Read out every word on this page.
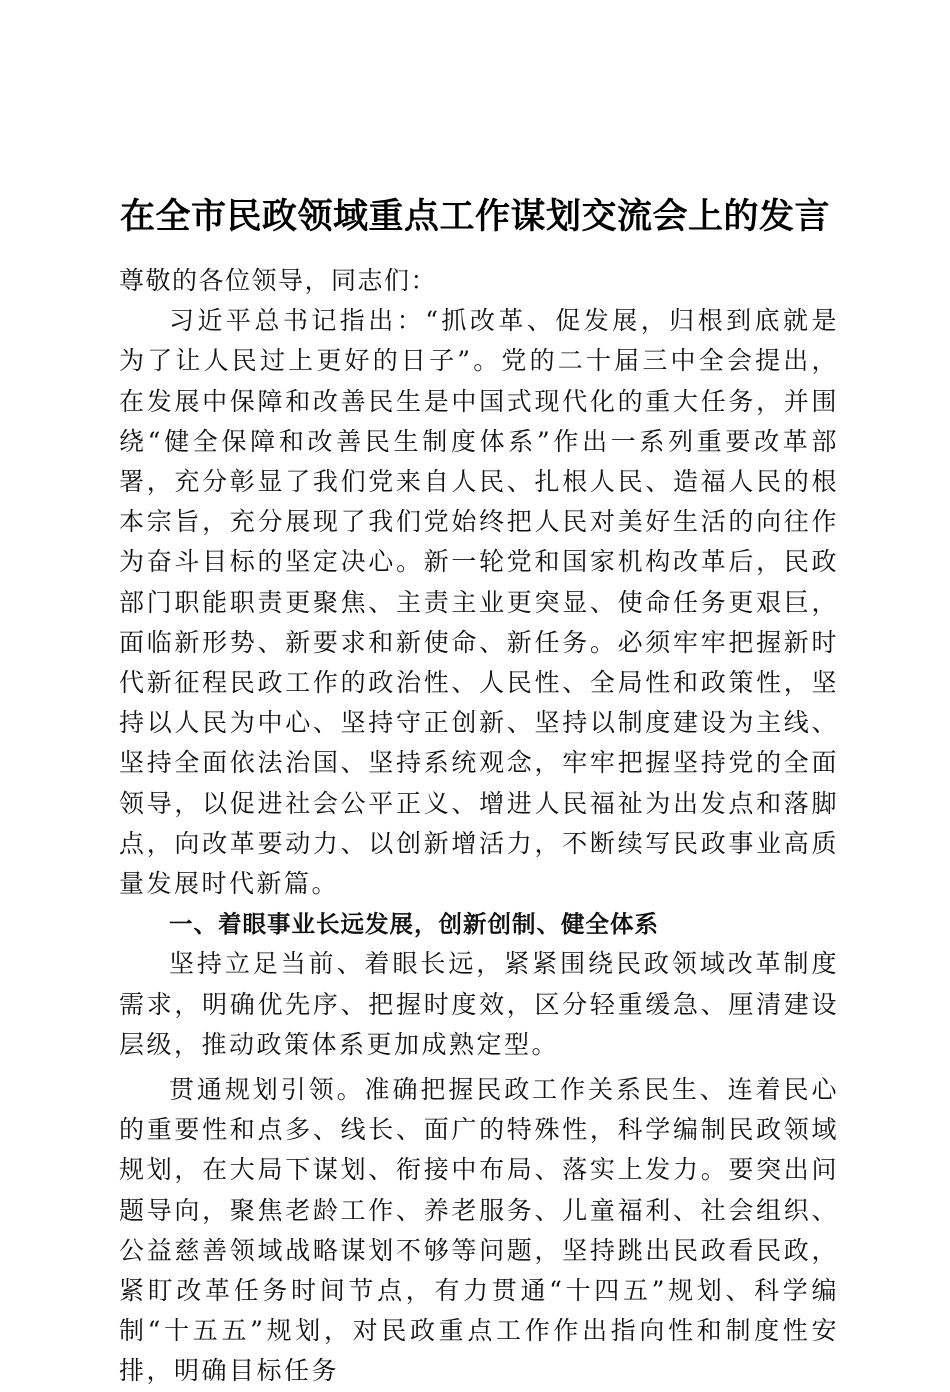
在全市民政领域重点工作谋划交流会上的发言

尊敬的各位领导，同志们：

习近平总书记指出：“抓改革、促发展，归根到底就是为了让人民过上更好的日子”。党的二十届三中全会提出，在发展中保障和改善民生是中国式现代化的重大任务，并围绕“健全保障和改善民生制度体系”作出一系列重要改革部署，充分彰显了我们党来自人民、扎根人民、造福人民的根本宗旨，充分展现了我们党始终把人民对美好生活的向往作为奋斗目标的坚定决心。新一轮党和国家机构改革后，民政部门职能职责更聚焦、主责主业更突显、使命任务更艰巨，面临新形势、新要求和新使命、新任务。必须牢牢把握新时代新征程民政工作的政治性、人民性、全局性和政策性，坚持以人民为中心、坚持守正创新、坚持以制度建设为主线、坚持全面依法治国、坚持系统观念，牢牢把握坚持党的全面领导，以促进社会公平正义、增进人民福祉为出发点和落脚点，向改革要动力、以创新增活力，不断续写民政事业高质量发展时代新篇。

一、着眼事业长远发展，创新创制、健全体系

坚持立足当前、着眼长远，紧紧围绕民政领域改革制度需求，明确优先序、把握时度效，区分轻重缓急、厘清建设层级，推动政策体系更加成熟定型。

贯通规划引领。准确把握民政工作关系民生、连着民心的重要性和点多、线长、面广的特殊性，科学编制民政领域规划，在大局下谋划、衔接中布局、落实上发力。要突出问题导向，聚焦老龄工作、养老服务、儿童福利、社会组织、公益慈善领域战略谋划不够等问题，坚持跳出民政看民政，紧盯改革任务时间节点，有力贯通“十四五”规划、科学编制“十五五”规划，对民政重点工作作出指向性和制度性安排，明确目标任务
